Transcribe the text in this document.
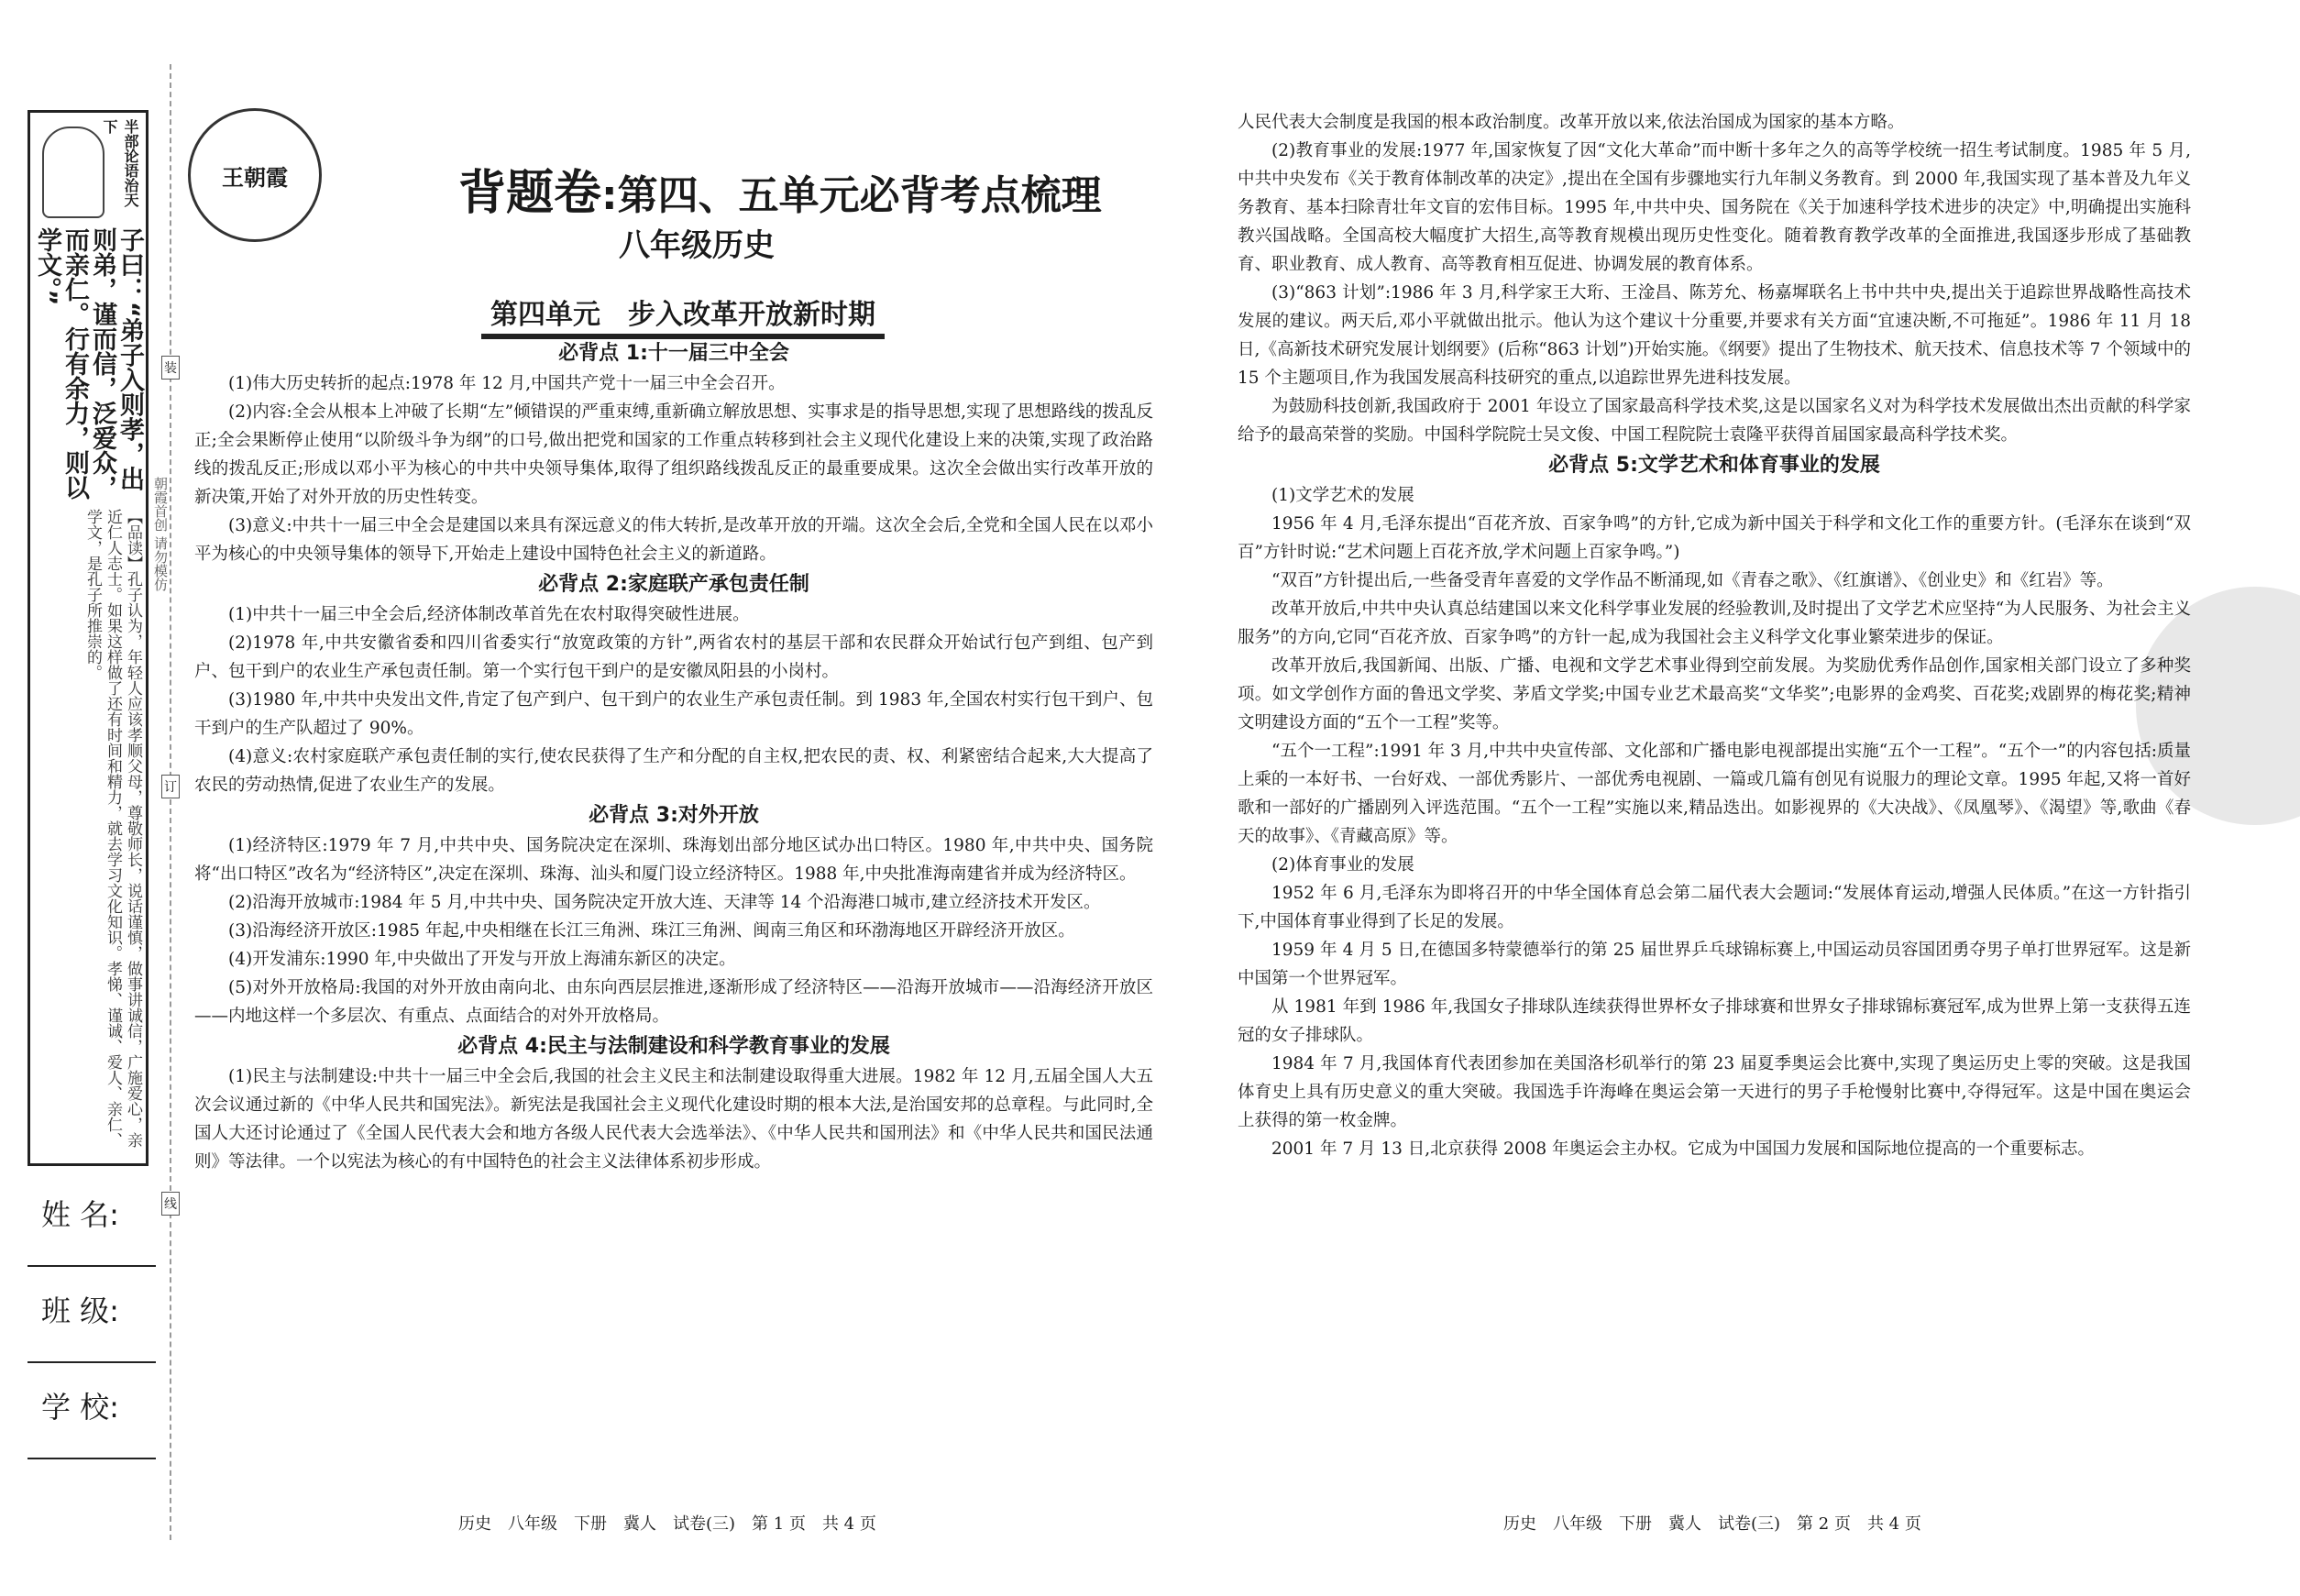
半部论语治天下
子曰：“弟子入则孝，出则弟，谨而信，泛爱众，而亲仁。行有余力，则以学文。”
【品读】孔子认为，年轻人应该孝顺父母，尊敬师长，说话谨慎，做事讲诚信，广施爱心，亲近仁人志士。如果这样做了还有时间和精力，就去学习文化知识。孝悌、谨诚、爱人、亲仁、学文，是孔子所推崇的。	朝霞首创 请勿模仿
装
订
线
姓 名:
班 级:
学 校:
王朝霞	背题卷:第四、五单元必背考点梳理
八年级历史
第四单元　步入改革开放新时期
必背点 1:十一届三中全会

(1)伟大历史转折的起点:1978 年 12 月,中国共产党十一届三中全会召开。

(2)内容:全会从根本上冲破了长期“左”倾错误的严重束缚,重新确立解放思想、实事求是的指导思想,实现了思想路线的拨乱反正;全会果断停止使用“以阶级斗争为纲”的口号,做出把党和国家的工作重点转移到社会主义现代化建设上来的决策,实现了政治路线的拨乱反正;形成以邓小平为核心的中共中央领导集体,取得了组织路线拨乱反正的最重要成果。这次全会做出实行改革开放的新决策,开始了对外开放的历史性转变。

(3)意义:中共十一届三中全会是建国以来具有深远意义的伟大转折,是改革开放的开端。这次全会后,全党和全国人民在以邓小平为核心的中央领导集体的领导下,开始走上建设中国特色社会主义的新道路。

必背点 2:家庭联产承包责任制

(1)中共十一届三中全会后,经济体制改革首先在农村取得突破性进展。

(2)1978 年,中共安徽省委和四川省委实行“放宽政策的方针”,两省农村的基层干部和农民群众开始试行包产到组、包产到户、包干到户的农业生产承包责任制。第一个实行包干到户的是安徽凤阳县的小岗村。

(3)1980 年,中共中央发出文件,肯定了包产到户、包干到户的农业生产承包责任制。到 1983 年,全国农村实行包干到户、包干到户的生产队超过了 90%。

(4)意义:农村家庭联产承包责任制的实行,使农民获得了生产和分配的自主权,把农民的责、权、利紧密结合起来,大大提高了农民的劳动热情,促进了农业生产的发展。

必背点 3:对外开放

(1)经济特区:1979 年 7 月,中共中央、国务院决定在深圳、珠海划出部分地区试办出口特区。1980 年,中共中央、国务院将“出口特区”改名为“经济特区”,决定在深圳、珠海、汕头和厦门设立经济特区。1988 年,中央批准海南建省并成为经济特区。

(2)沿海开放城市:1984 年 5 月,中共中央、国务院决定开放大连、天津等 14 个沿海港口城市,建立经济技术开发区。

(3)沿海经济开放区:1985 年起,中央相继在长江三角洲、珠江三角洲、闽南三角区和环渤海地区开辟经济开放区。

(4)开发浦东:1990 年,中央做出了开发与开放上海浦东新区的决定。

(5)对外开放格局:我国的对外开放由南向北、由东向西层层推进,逐渐形成了经济特区——沿海开放城市——沿海经济开放区——内地这样一个多层次、有重点、点面结合的对外开放格局。

必背点 4:民主与法制建设和科学教育事业的发展

(1)民主与法制建设:中共十一届三中全会后,我国的社会主义民主和法制建设取得重大进展。1982 年 12 月,五届全国人大五次会议通过新的《中华人民共和国宪法》。新宪法是我国社会主义现代化建设时期的根本大法,是治国安邦的总章程。与此同时,全国人大还讨论通过了《全国人民代表大会和地方各级人民代表大会选举法》、《中华人民共和国刑法》和《中华人民共和国民法通则》等法律。一个以宪法为核心的有中国特色的社会主义法律体系初步形成。

历史　八年级　下册　冀人　试卷(三)　第 1 页　共 4 页

人民代表大会制度是我国的根本政治制度。改革开放以来,依法治国成为国家的基本方略。

(2)教育事业的发展:1977 年,国家恢复了因“文化大革命”而中断十多年之久的高等学校统一招生考试制度。1985 年 5 月,中共中央发布《关于教育体制改革的决定》,提出在全国有步骤地实行九年制义务教育。到 2000 年,我国实现了基本普及九年义务教育、基本扫除青壮年文盲的宏伟目标。1995 年,中共中央、国务院在《关于加速科学技术进步的决定》中,明确提出实施科教兴国战略。全国高校大幅度扩大招生,高等教育规模出现历史性变化。随着教育教学改革的全面推进,我国逐步形成了基础教育、职业教育、成人教育、高等教育相互促进、协调发展的教育体系。

(3)“863 计划”:1986 年 3 月,科学家王大珩、王淦昌、陈芳允、杨嘉墀联名上书中共中央,提出关于追踪世界战略性高技术发展的建议。两天后,邓小平就做出批示。他认为这个建议十分重要,并要求有关方面“宜速决断,不可拖延”。1986 年 11 月 18 日,《高新技术研究发展计划纲要》(后称“863 计划”)开始实施。《纲要》提出了生物技术、航天技术、信息技术等 7 个领域中的 15 个主题项目,作为我国发展高科技研究的重点,以追踪世界先进科技发展。

为鼓励科技创新,我国政府于 2001 年设立了国家最高科学技术奖,这是以国家名义对为科学技术发展做出杰出贡献的科学家给予的最高荣誉的奖励。中国科学院院士吴文俊、中国工程院院士袁隆平获得首届国家最高科学技术奖。

必背点 5:文学艺术和体育事业的发展

(1)文学艺术的发展

1956 年 4 月,毛泽东提出“百花齐放、百家争鸣”的方针,它成为新中国关于科学和文化工作的重要方针。(毛泽东在谈到“双百”方针时说:“艺术问题上百花齐放,学术问题上百家争鸣。”)

“双百”方针提出后,一些备受青年喜爱的文学作品不断涌现,如《青春之歌》、《红旗谱》、《创业史》和《红岩》等。

改革开放后,中共中央认真总结建国以来文化科学事业发展的经验教训,及时提出了文学艺术应坚持“为人民服务、为社会主义服务”的方向,它同“百花齐放、百家争鸣”的方针一起,成为我国社会主义科学文化事业繁荣进步的保证。

改革开放后,我国新闻、出版、广播、电视和文学艺术事业得到空前发展。为奖励优秀作品创作,国家相关部门设立了多种奖项。如文学创作方面的鲁迅文学奖、茅盾文学奖;中国专业艺术最高奖“文华奖”;电影界的金鸡奖、百花奖;戏剧界的梅花奖;精神文明建设方面的“五个一工程”奖等。

“五个一工程”:1991 年 3 月,中共中央宣传部、文化部和广播电影电视部提出实施“五个一工程”。“五个一”的内容包括:质量上乘的一本好书、一台好戏、一部优秀影片、一部优秀电视剧、一篇或几篇有创见有说服力的理论文章。1995 年起,又将一首好歌和一部好的广播剧列入评选范围。“五个一工程”实施以来,精品迭出。如影视界的《大决战》、《凤凰琴》、《渴望》等,歌曲《春天的故事》、《青藏高原》等。

(2)体育事业的发展

1952 年 6 月,毛泽东为即将召开的中华全国体育总会第二届代表大会题词:“发展体育运动,增强人民体质。”在这一方针指引下,中国体育事业得到了长足的发展。

1959 年 4 月 5 日,在德国多特蒙德举行的第 25 届世界乒乓球锦标赛上,中国运动员容国团勇夺男子单打世界冠军。这是新中国第一个世界冠军。

从 1981 年到 1986 年,我国女子排球队连续获得世界杯女子排球赛和世界女子排球锦标赛冠军,成为世界上第一支获得五连冠的女子排球队。

1984 年 7 月,我国体育代表团参加在美国洛杉矶举行的第 23 届夏季奥运会比赛中,实现了奥运历史上零的突破。这是我国体育史上具有历史意义的重大突破。我国选手许海峰在奥运会第一天进行的男子手枪慢射比赛中,夺得冠军。这是中国在奥运会上获得的第一枚金牌。

2001 年 7 月 13 日,北京获得 2008 年奥运会主办权。它成为中国国力发展和国际地位提高的一个重要标志。

历史　八年级　下册　冀人　试卷(三)　第 2 页　共 4 页
